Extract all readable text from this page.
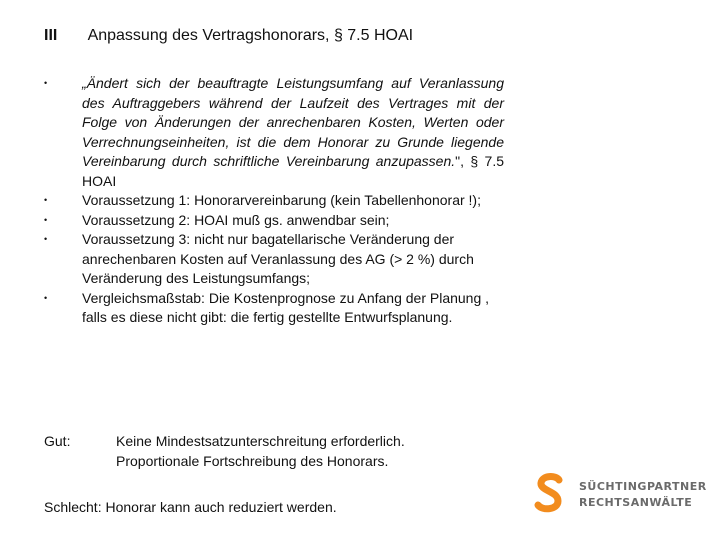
III Anpassung des Vertragshonorars, § 7.5 HOAI
• „Ändert sich der beauftragte Leistungsumfang auf Veranlassung des Auftraggebers während der Laufzeit des Vertrages mit der Folge von Änderungen der anrechenbaren Kosten, Werten oder Verrechnungseinheiten, ist die dem Honorar zu Grunde liegende Vereinbarung durch schriftliche Vereinbarung anzupassen.", § 7.5 HOAI
• Voraussetzung 1: Honorarvereinbarung (kein Tabellenhonorar !);
• Voraussetzung 2: HOAI muß gs. anwendbar sein;
• Voraussetzung 3: nicht nur bagatellarische Veränderung der anrechenbaren Kosten auf Veranlassung des AG (> 2 %) durch Veränderung des Leistungsumfangs;
• Vergleichsmaßstab: Die Kostenprognose zu Anfang der Planung , falls es diese nicht gibt: die fertig gestellte Entwurfsplanung.
Gut:	Keine Mindestsatzunterschreitung erforderlich.
Proportionale Fortschreibung des Honorars.
Schlecht: Honorar kann auch reduziert werden.
SÜCHTINGPARTNER
RECHTSANWÄLTE
